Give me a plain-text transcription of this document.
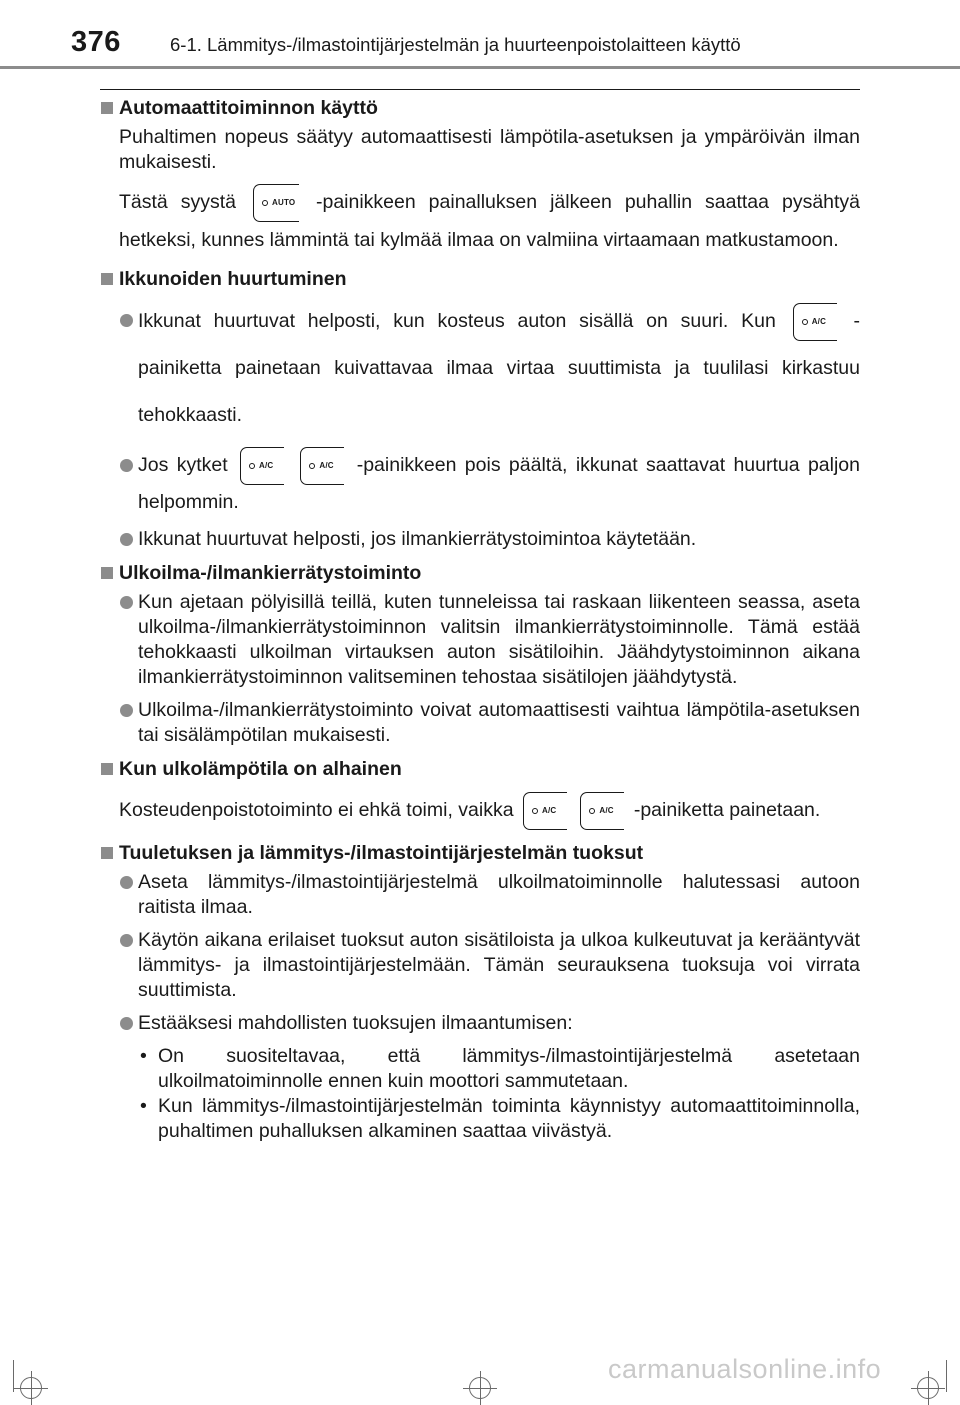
376	6-1. Lämmitys-/ilmastointijärjestelmän ja huurteenpoistolaitteen käyttö
Automaattitoiminnon käyttö

Puhaltimen nopeus säätyy automaattisesti lämpötila-asetuksen ja ympäröivän ilman mukaisesti.

Tästä syystä	AUTO -painikkeen painalluksen jälkeen puhallin saattaa pysähtyä hetkeksi, kunnes lämmintä tai kylmää ilmaa on valmiina virtaamaan matkustamoon.

Ikkunoiden huurtuminen

Ikkunat huurtuvat helposti, kun kosteus auton sisällä on suuri. Kun	A/C -painiketta painetaan kuivattavaa ilmaa virtaa suuttimista ja tuulilasi kirkastuu tehokkaasti.

Jos kytket	A/C
	A/C -painikkeen pois päältä, ikkunat saattavat huurtua paljon helpommin.

Ikkunat huurtuvat helposti, jos ilmankierrätystoimintoa käytetään.

Ulkoilma-/ilmankierrätystoiminto

Kun ajetaan pölyisillä teillä, kuten tunneleissa tai raskaan liikenteen seassa, aseta ulkoilma-/ilmankierrätystoiminnon valitsin ilmankierrätystoiminnolle. Tämä estää tehokkaasti ulkoilman virtauksen auton sisätiloihin. Jäähdytystoiminnon aikana ilmankierrätystoiminnon valitseminen tehostaa sisätilojen jäähdytystä.

Ulkoilma-/ilmankierrätystoiminto voivat automaattisesti vaihtua lämpötila-asetuksen tai sisälämpötilan mukaisesti.

Kun ulkolämpötila on alhainen

Kosteudenpoistotoiminto ei ehkä toimi, vaikka	A/C
	A/C -painiketta painetaan.

Tuuletuksen ja lämmitys-/ilmastointijärjestelmän tuoksut

Aseta lämmitys-/ilmastointijärjestelmä ulkoilmatoiminnolle halutessasi autoon raitista ilmaa.

Käytön aikana erilaiset tuoksut auton sisätiloista ja ulkoa kulkeutuvat ja kerääntyvät lämmitys- ja ilmastointijärjestelmään. Tämän seurauksena tuoksuja voi virrata suuttimista.

Estääksesi mahdollisten tuoksujen ilmaantumisen:

• On suositeltavaa, että lämmitys-/ilmastointijärjestelmä asetetaan ulkoilmatoiminnolle ennen kuin moottori sammutetaan.

• Kun lämmitys-/ilmastointijärjestelmän toiminta käynnistyy automaattitoiminnolla, puhaltimen puhalluksen alkaminen saattaa viivästyä.

carmanualsonline.info
